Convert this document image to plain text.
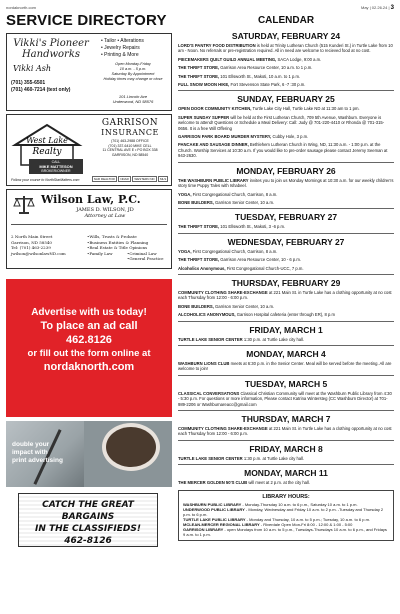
nordaknorth.com	May | 02.26.24 | 3
SERVICE DIRECTORY
Vikki's Pioneer
Handworks
Vikki Ash
(701) 355-6501
(701) 460-7214 (text only)
• Tailor • Alterations
• Jewelry Repairs
• Printing & More
Open Monday-Friday
10 a.m. - 5 p.m.
Saturday By Appointment
Holiday times may change or close
101 Lincoln Ave
Underwood, ND 58576
West Lake
Realty
CALL
MIKE MATTESON
BROKER/OWNER
GARRISON
INSURANCE
(701) 463-2988 OFFICE
(701) 337-6410 MIKE CELL
11 CENTRAL AVE E • PO BOX 338
GARRISON, ND 58540
Follow your course to NorthStarMatters.com	NAR REALTOR	NDAR	WESTERN ND	MLS
Wilson Law, P.C.
JAMES D. WILSON, JD
Attorney at Law
2 North Main Street
Garrison, ND 58540
Tel: (701) 463-2239
jwilson@wilsonlawND.com
•Wills, Trusts & Probate
•Business Entities & Planning
•Real Estate & Title Opinions
•Family Law	•Criminal Law
•General Practice
Advertise with us today!
To place an ad call
462.8126
or fill out the form online at
nordaknorth.com
double your
impact with
print advertising
CATCH THE GREAT BARGAINS
IN THE CLASSIFIEDS!
462-8126
CALENDAR
SATURDAY, FEBRUARY 24
LORD'S PANTRY FOOD DISTRIBUTION is held at Trinity Lutheran Church (515 Kunderi St.) in Turtle Lake from 10 am - Noon. No referrals or pre-registration required. All in need are welcome to recieved food at no cost.
PIECEMAKERS QUILT GUILD ANNUAL MEETING, SACA Lodge, 9:00 a.m.
THE THRIFT STORE, Garrison Area Resource Center, 10 a.m. to 1 p.m.
THE THRIFT STORE, 101 Ellsworth St., Makoti, 10 a.m. to 1 p.m.
FULL SNOW MOON HIKE, Fort Stevenson State Park, 6 -7 :30 p.m.
SUNDAY, FEBRUARY 25
OPEN DOOR COMMUNITY KITCHEN, Turtle Lake City Hall, Turtle Lake ND at 11:30 am to 1 pm.
SUPER SUNDAY SUPPER will be held at the First Lutheran Church, 709 5th Avenue, Washburn. Everyone is welcome to attend! Questions or Schedule a Meal Delivery: Call: Judy @ 701-220-4410 or Rhonda @ 701-315-0656. It is a free Will Offering
GARRISON PARK BOARD MURDER MYSTERY, Cubby Hole, 3 p.m.
PANCAKE AND SAUSAGE DINNER, Bethlehem Lutheran Church in Wing, ND, 11:30 a.m. - 1:00 p.m. at the Church. Worship Services at 10:30 a.m. If you would like to pre-order sausage please contact Jeremy Seeman at 943-2630.
MONDAY, FEBRUARY 26
THE WASHBURN PUBLIC LIBRARY invites you to join us Monday Mornings at 10:30 a.m. for our weekly children's story time Puppy Tales with Ishabeel.
YOGA, First Congregational Church, Garrison, 8 a.m.
BONE BUILDERS, Garrison Senior Center, 10 a.m.
TUESDAY, FEBRUARY 27
THE THRIFT STORE, 101 Ellsworth St., Makoti, 3 -6 p.m.
WEDNESDAY, FEBRUARY 27
YOGA, First Congregational Church, Garrison, 8 a.m.
THE THRIFT STORE, Garrison Area Resource Center, 10 - 6 p.m.
Alcoholics Anonymous, First Congregational Church-UCC, 7 p.m.
THURSDAY, FEBRUARY 29
COMMUNITY CLOTHING SHARE-EXCHANGE at 221 Main St. in Turtle Lake has a clothing opportunity at no cost each Thursday from 12:00 - 6:00 p.m.
BONE BUILDERS, Garrison Senior Center, 10 a.m.
ALCOHOLICS ANONYMOUS, Garrison Hospital cafeteria (enter through ER), 8 p.m
FRIDAY, MARCH 1
TURTLE LAKE SENIOR CENTER 1:30 p.m. at Turtle Lake city hall.
MONDAY, MARCH 4
WASHBURN LIONS CLUB meets at 6:30 p.m. in the Senior Center. Meal will be served before the meeting. All are welcome to join!
TUESDAY, MARCH 5
CLASSICAL CONVERSATIONS Classical Christian Community will meet at the Washburn Public Library from 4:30 - 5:30 p.m. For questions or more information, Please contact Katrina Wintersteg (CC Washburn Director) at 701-989-2206 or Washburnareacc@gmail.com
THURSDAY, MARCH 7
COMMUNITY CLOTHING SHARE-EXCHANGE at 221 Main St. in Turtle Lake has a clothing opportunity at no cost each Thursday from 12:00 - 6:00 p.m.
FRIDAY, MARCH 8
TURTLE LAKE SENIOR CENTER 1:30 p.m. at Turtle Lake city hall.
MONDAY, MARCH 11
THE MERCER GOLDEN 50'S CLUB will meet at 2 p.m. at the city hall.
LIBRARY HOURS:
WASHBURN PUBLIC LIBRARY - Monday-Thursday 10 a.m. to 6 p.m., Saturday 10 a.m. to 1 p.m.
UNDERWOOD PUBLIC LIBRARY - Monday, Wednesday and Friday 10 a.m. to 2 p.m. -Tuesday and Thursday 2 p.m. to 6 p.m.
TURTLE LAKE PUBLIC LIBRARY - Monday and Thursday, 10 a.m. to 5 p.m.; Tuesday, 10 a.m. to 6 p.m.
MCLEAN-MERCER REGIONAL LIBRARY - Riverdale Open Mon-Fri 8:00 - 12:00 & 1:00 - 5:00
GARRISON LIBRARY - open Mondays from 10 a.m. to 5 p.m., Tuesdays-Thursdays 10 a.m. to 6 p.m., and Fridays 9 a.m. to 1 p.m.
